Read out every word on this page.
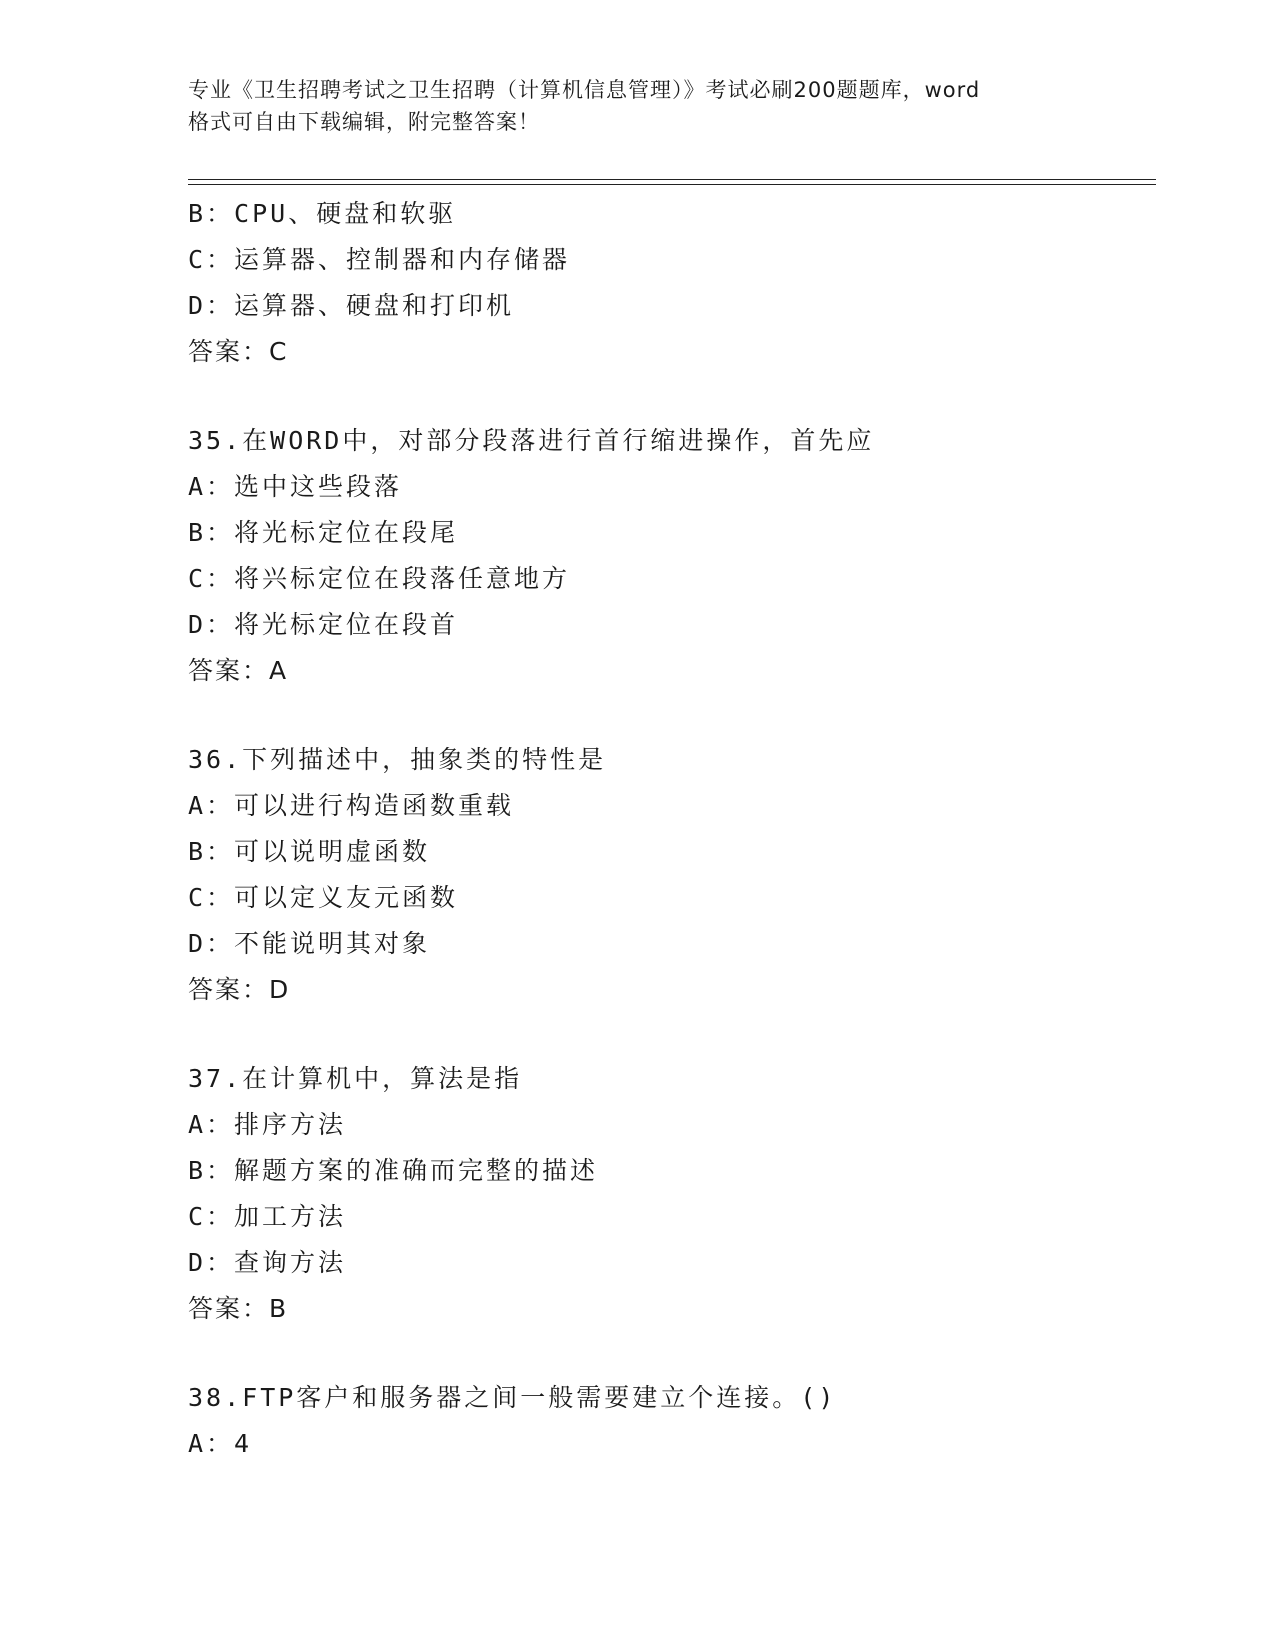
专业《卫生招聘考试之卫生招聘（计算机信息管理）》考试必刷200题题库，word
格式可自由下载编辑，附完整答案！
B：CPU、硬盘和软驱
C：运算器、控制器和内存储器
D：运算器、硬盘和打印机
答案：C
35.在WORD中，对部分段落进行首行缩进操作，首先应
A：选中这些段落
B：将光标定位在段尾
C：将兴标定位在段落任意地方
D：将光标定位在段首
答案：A
36.下列描述中，抽象类的特性是
A：可以进行构造函数重载
B：可以说明虚函数
C：可以定义友元函数
D：不能说明其对象
答案：D
37.在计算机中，算法是指
A：排序方法
B：解题方案的准确而完整的描述
C：加工方法
D：查询方法
答案：B
38.FTP客户和服务器之间一般需要建立个连接。()
A：4
